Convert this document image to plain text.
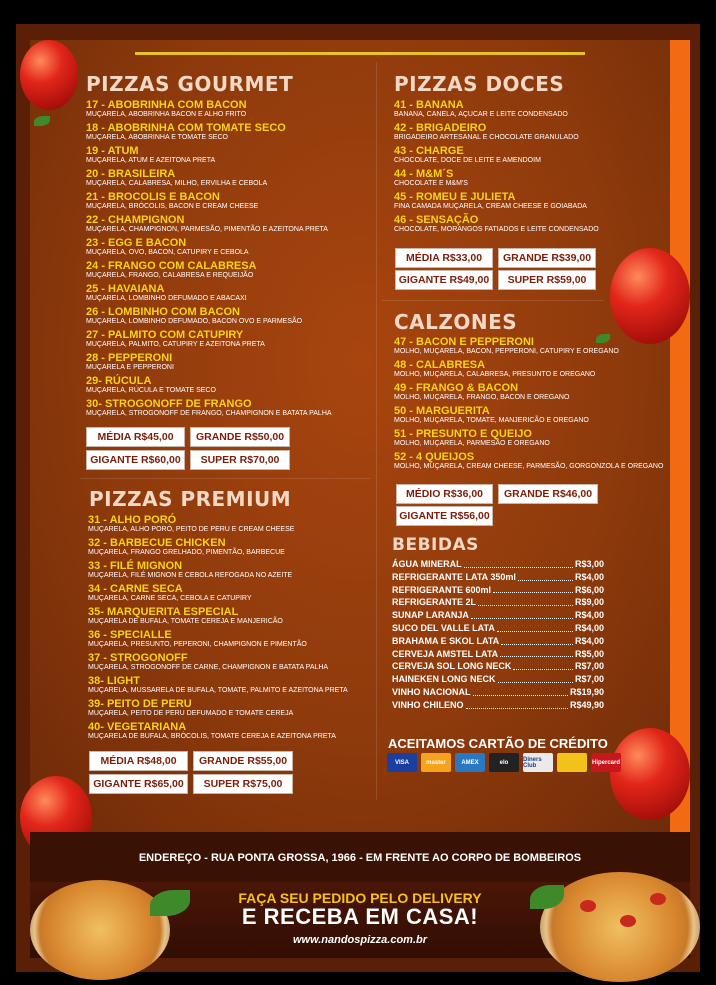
PIZZAS GOURMET
17 - ABOBRINHA COM BACON
MUÇARELA, ABOBRINHA BACON E ALHO FRITO
18 - ABOBRINHA COM TOMATE SECO
MUÇARELA, ABOBRINHA E TOMATE SECO
19 - ATUM
MUÇARELA, ATUM E AZEITONA PRETA
20 - BRASILEIRA
MUÇARELA, CALABRESA, MILHO, ERVILHA E CEBOLA
21 - BROCOLIS E BACON
MUÇARELA, BRÓCOLIS, BACON E CREAM CHEESE
22 - CHAMPIGNON
MUÇARELA, CHAMPIGNON, PARMESÃO, PIMENTÃO E AZEITONA PRETA
23 - EGG E BACON
MUÇARELA, OVO, BACON, CATUPIRY E CEBOLA
24 - FRANGO COM CALABRESA
MUÇARELA, FRANGO, CALABRESA E REQUEIJÃO
25 - HAVAIANA
MUÇARELA, LOMBINHO DEFUMADO E ABACAXI
26 - LOMBINHO COM BACON
MUÇARELA, LOMBINHO DEFUMADO, BACON OVO E PARMESÃO
27 - PALMITO COM CATUPIRY
MUÇARELA, PALMITO, CATUPIRY E AZEITONA PRETA
28 - PEPPERONI
MUÇARELA E PEPPERONI
29- RÚCULA
MUÇARELA, RÚCULA E TOMATE SECO
30- STROGONOFF DE FRANGO
MUÇARELA, STROGONOFF DE FRANGO, CHAMPIGNON E BATATA PALHA
MÉDIA R$45,00	GRANDE R$50,00
GIGANTE R$60,00	SUPER R$70,00
PIZZAS PREMIUM
31 - ALHO PORÓ
MUÇARELA, ALHO PORÓ, PEITO DE PERU E CREAM CHEESE
32 - BARBECUE CHICKEN
MUÇARELA, FRANGO GRELHADO, PIMENTÃO, BARBECUE
33 - FILÉ MIGNON
MUÇARELA, FILÉ MIGNON E CEBOLA REFOGADA NO AZEITE
34 - CARNE SECA
MUÇARELA, CARNE SECA, CEBOLA E CATUPIRY
35- MARQUERITA ESPECIAL
MUÇARELA DE BUFALA, TOMATE CEREJA E MANJERICÃO
36 - SPECIALLE
MUÇARELA, PRESUNTO, PEPERONI, CHAMPIGNON E PIMENTÃO
37 - STROGONOFF
MUÇARELA, STROGONOFF DE CARNE, CHAMPIGNON E BATATA PALHA
38- LIGHT
MUÇARELA, MUSSARELA DE BUFALA, TOMATE, PALMITO E AZEITONA PRETA
39- PEITO DE PERU
MUÇARELA, PEITO DE PERU DEFUMADO E TOMATE CEREJA
40- VEGETARIANA
MUÇARELA DE BUFALA, BRÓCOLIS, TOMATE CEREJA E AZEITONA PRETA
MÉDIA R$48,00	GRANDE R$55,00
GIGANTE R$65,00	SUPER R$75,00
PIZZAS DOCES
41 - BANANA
BANANA, CANELA, AÇUCAR E LEITE CONDENSADO
42 - BRIGADEIRO
BRIGADEIRO ARTESANAL E CHOCOLATE GRANULADO
43 - CHARGE
CHOCOLATE, DOCE DE LEITE E AMENDOIM
44 - M&M´S
CHOCOLATE E M&M'S
45 - ROMEU E JULIETA
FINA CAMADA MUÇARELA, CREAM CHEESE E GOIABADA
46 - SENSAÇÃO
CHOCOLATE, MORANGOS FATIADOS E LEITE CONDENSADO
MÉDIA R$33,00	GRANDE R$39,00
GIGANTE R$49,00	SUPER R$59,00
CALZONES
47 - BACON E PEPPERONI
MOLHO, MUÇARELA, BACON, PEPPERONI, CATUPIRY E OREGANO
48 - CALABRESA
MOLHO, MUÇARELA, CALABRESA, PRESUNTO E OREGANO
49 - FRANGO & BACON
MOLHO, MUÇARELA, FRANGO, BACON E OREGANO
50 - MARGUERITA
MOLHO, MUÇARELA, TOMATE, MANJERICÃO E OREGANO
51 - PRESUNTO E QUEIJO
MOLHO, MUÇARELA, PARMESÃO E OREGANO
52 - 4 QUEIJOS
MOLHO, MUÇARELA, CREAM CHEESE, PARMESÃO, GORGONZOLA E OREGANO
MÉDIO R$36,00	GRANDE R$46,00
GIGANTE R$56,00
BEBIDAS
ÁGUA MINERAL	R$3,00
REFRIGERANTE LATA 350ml	R$4,00
REFRIGERANTE 600ml	R$6,00
REFRIGERANTE 2L	R$9,00
SUNAP LARANJA	R$4,00
SUCO DEL VALLE LATA	R$4,00
BRAHAMA E SKOL LATA	R$4,00
CERVEJA AMSTEL LATA	R$5,00
CERVEJA SOL LONG NECK	R$7,00
HAINEKEN LONG NECK	R$7,00
VINHO NACIONAL	R$19,90
VINHO CHILENO	R$49,90
ACEITAMOS CARTÃO DE CRÉDITO
VISA	master	AMEX	elo	Diners Club	Hipercard
ENDEREÇO - RUA PONTA GROSSA, 1966 - EM FRENTE AO CORPO DE BOMBEIROS
FAÇA SEU PEDIDO PELO DELIVERY
E RECEBA EM CASA!
www.nandospizza.com.br
